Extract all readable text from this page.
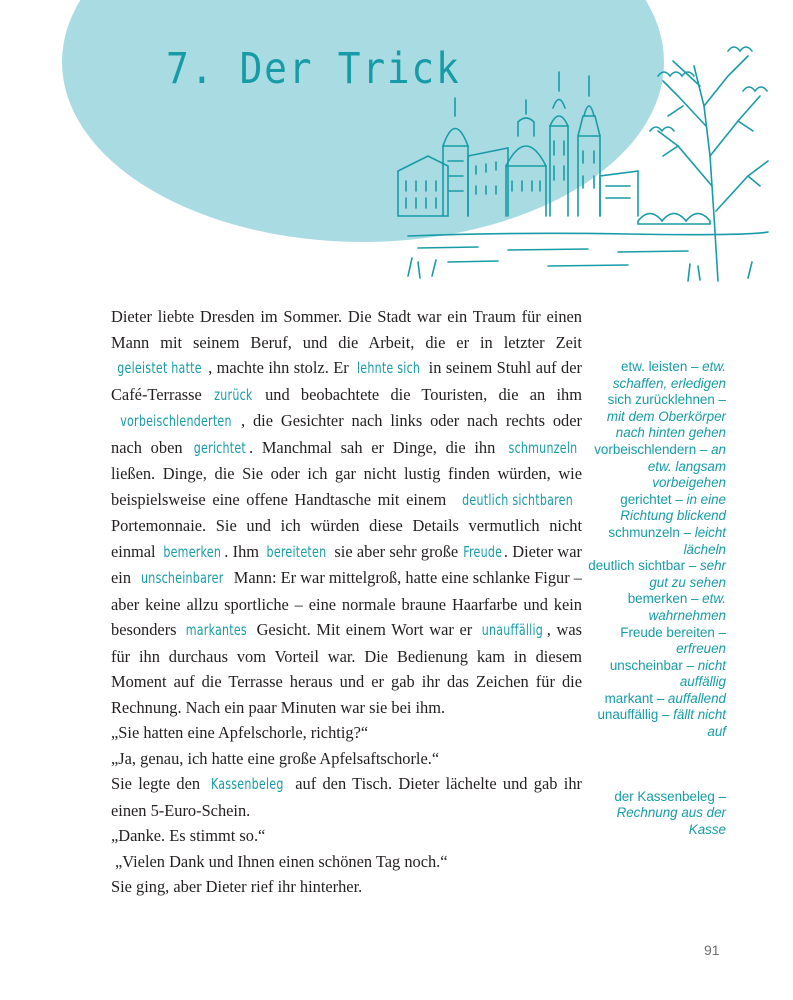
7. Der Trick

Dieter liebte Dresden im Sommer. Die Stadt war ein Traum für einen Mann mit seinem Beruf, und die Arbeit, die er in letzter Zeit geleistet hatte , machte ihn stolz. Er lehnte sich in seinem Stuhl auf der Café-Terrasse zurück und beobachtete die Touristen, die an ihm vorbeischlenderten , die Gesichter nach links oder nach rechts oder nach oben gerichtet . Manchmal sah er Dinge, die ihn schmunzeln ließen. Dinge, die Sie oder ich gar nicht lustig finden würden, wie beispielsweise eine offene Handtasche mit einem deutlich sichtbaren Portemonnaie. Sie und ich würden diese Details vermutlich nicht einmal bemerken . Ihm bereiteten sie aber sehr große Freude. Dieter war ein unscheinbarer Mann: Er war mittelgroß, hatte eine schlanke Figur – aber keine allzu sportliche – eine normale braune Haarfarbe und kein besonders markantes Gesicht. Mit einem Wort war er unauffällig , was für ihn durchaus vom Vorteil war. Die Bedienung kam in diesem Moment auf die Terrasse heraus und er gab ihr das Zeichen für die Rechnung. Nach ein paar Minuten war sie bei ihm.

„Sie hatten eine Apfelschorle, richtig?“

„Ja, genau, ich hatte eine große Apfelsaftschorle.“

Sie legte den Kassenbeleg auf den Tisch. Dieter lächelte und gab ihr einen 5-Euro-Schein.

„Danke. Es stimmt so.“

„Vielen Dank und Ihnen einen schönen Tag noch.“

Sie ging, aber Dieter rief ihr hinterher.

etw. leisten – etw. schaffen, erledigen
sich zurücklehnen – mit dem Oberkörper nach hinten gehen
vorbeischlendern – an etw. langsam vorbeigehen
gerichtet – in eine Richtung blickend
schmunzeln – leicht lächeln
deutlich sichtbar – sehr gut zu sehen
bemerken – etw. wahrnehmen
Freude bereiten – erfreuen
unscheinbar – nicht auffällig
markant – auffallend
unauffällig – fällt nicht auf
der Kassenbeleg – Rechnung aus der Kasse
91
